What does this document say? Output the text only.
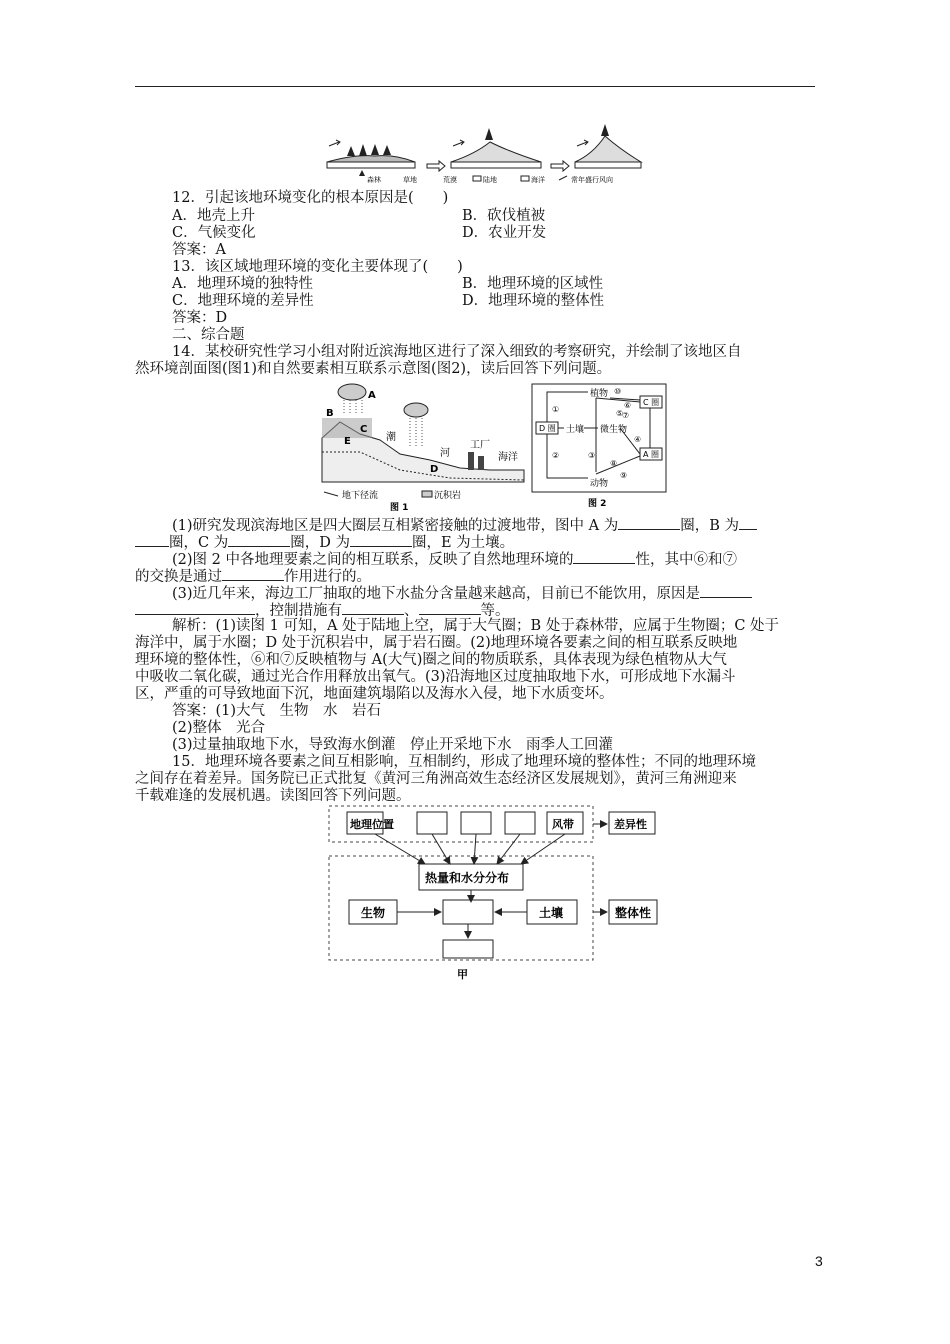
森林	草地	荒漠	陆地	海洋	常年盛行风向
12．引起该地环境变化的根本原因是(　　)
A．地壳上升	B．砍伐植被
C．气候变化	D．农业开发
答案：A
13．该区域地理环境的变化主要体现了(　　)
A．地理环境的独特性	B．地理环境的区域性
C．地理环境的差异性	D．地理环境的整体性
答案：D
二、综合题
14．某校研究性学习小组对附近滨海地区进行了深入细致的考察研究，并绘制了该地区自
然环境剖面图(图1)和自然要素相互联系示意图(图2)，读后回答下列问题。
B
A
E
C
D
潮
河
工厂
海洋
地下径流	沉积岩
图 1
植物
土壤 微生物
动物
C 圈
D 圈
A 圈
①
②	③
④
⑤
⑥
⑦
⑧
⑨
⑩
图 2
(1)研究发现滨海地区是四大圈层互相紧密接触的过渡地带，图中 A 为	圈，B 为
圈，C 为	圈，D 为	圈，E 为土壤。
(2)图 2 中各地理要素之间的相互联系，反映了自然地理环境的	性，其中⑥和⑦
的交换是通过	作用进行的。
(3)近几年来，海边工厂抽取的地下水盐分含量越来越高，目前已不能饮用，原因是
，控制措施有	、	等。
解析：(1)读图 1 可知，A 处于陆地上空，属于大气圈；B 处于森林带，应属于生物圈；C 处于
海洋中，属于水圈；D 处于沉积岩中，属于岩石圈。(2)地理环境各要素之间的相互联系反映地
理环境的整体性，⑥和⑦反映植物与 A(大气)圈之间的物质联系，具体表现为绿色植物从大气
中吸收二氧化碳，通过光合作用释放出氧气。(3)沿海地区过度抽取地下水，可形成地下水漏斗
区，严重的可导致地面下沉，地面建筑塌陷以及海水入侵，地下水质变坏。
答案：(1)大气　生物　水　岩石
(2)整体　光合
(3)过量抽取地下水，导致海水倒灌　停止开采地下水　雨季人工回灌
15．地理环境各要素之间互相影响，互相制约，形成了地理环境的整体性；不同的地理环境
之间存在着差异。国务院已正式批复《黄河三角洲高效生态经济区发展规划》，黄河三角洲迎来
千载难逢的发展机遇。读图回答下列问题。
地理位置	风带	差异性
热量和水分分布
生物	土壤	整体性
甲
3
